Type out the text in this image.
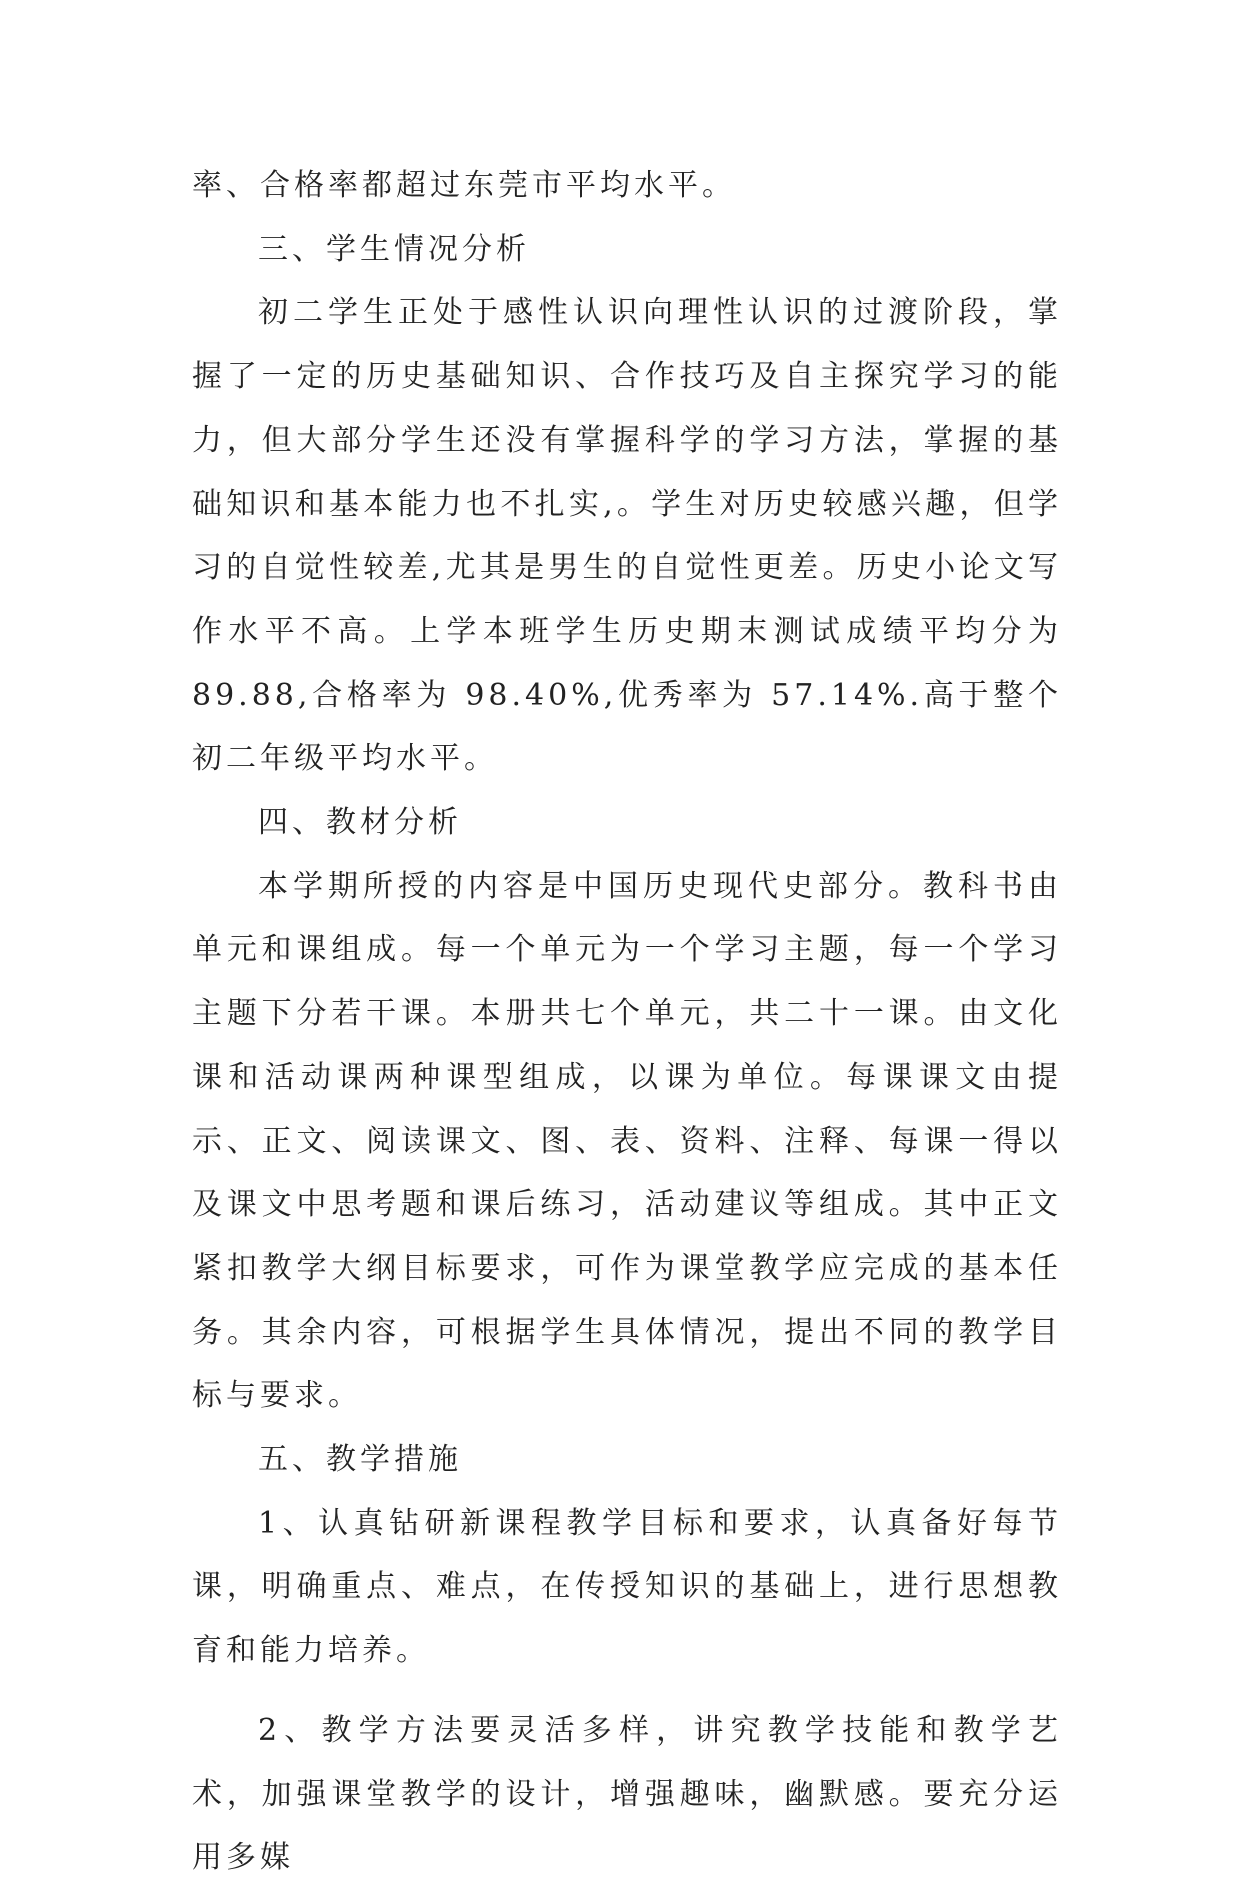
率、合格率都超过东莞市平均水平。

三、学生情况分析

初二学生正处于感性认识向理性认识的过渡阶段，掌握了一定的历史基础知识、合作技巧及自主探究学习的能力，但大部分学生还没有掌握科学的学习方法，掌握的基础知识和基本能力也不扎实,。学生对历史较感兴趣，但学习的自觉性较差,尤其是男生的自觉性更差。历史小论文写作水平不高。上学本班学生历史期末测试成绩平均分为 89.88,合格率为 98.40%,优秀率为 57.14%.高于整个初二年级平均水平。

四、教材分析

本学期所授的内容是中国历史现代史部分。教科书由单元和课组成。每一个单元为一个学习主题，每一个学习主题下分若干课。本册共七个单元，共二十一课。由文化课和活动课两种课型组成，以课为单位。每课课文由提示、正文、阅读课文、图、表、资料、注释、每课一得以及课文中思考题和课后练习，活动建议等组成。其中正文紧扣教学大纲目标要求，可作为课堂教学应完成的基本任务。其余内容，可根据学生具体情况，提出不同的教学目标与要求。

五、教学措施

1、认真钻研新课程教学目标和要求，认真备好每节课，明确重点、难点，在传授知识的基础上，进行思想教育和能力培养。

2、教学方法要灵活多样，讲究教学技能和教学艺术，加强课堂教学的设计，增强趣味，幽默感。要充分运用多媒
